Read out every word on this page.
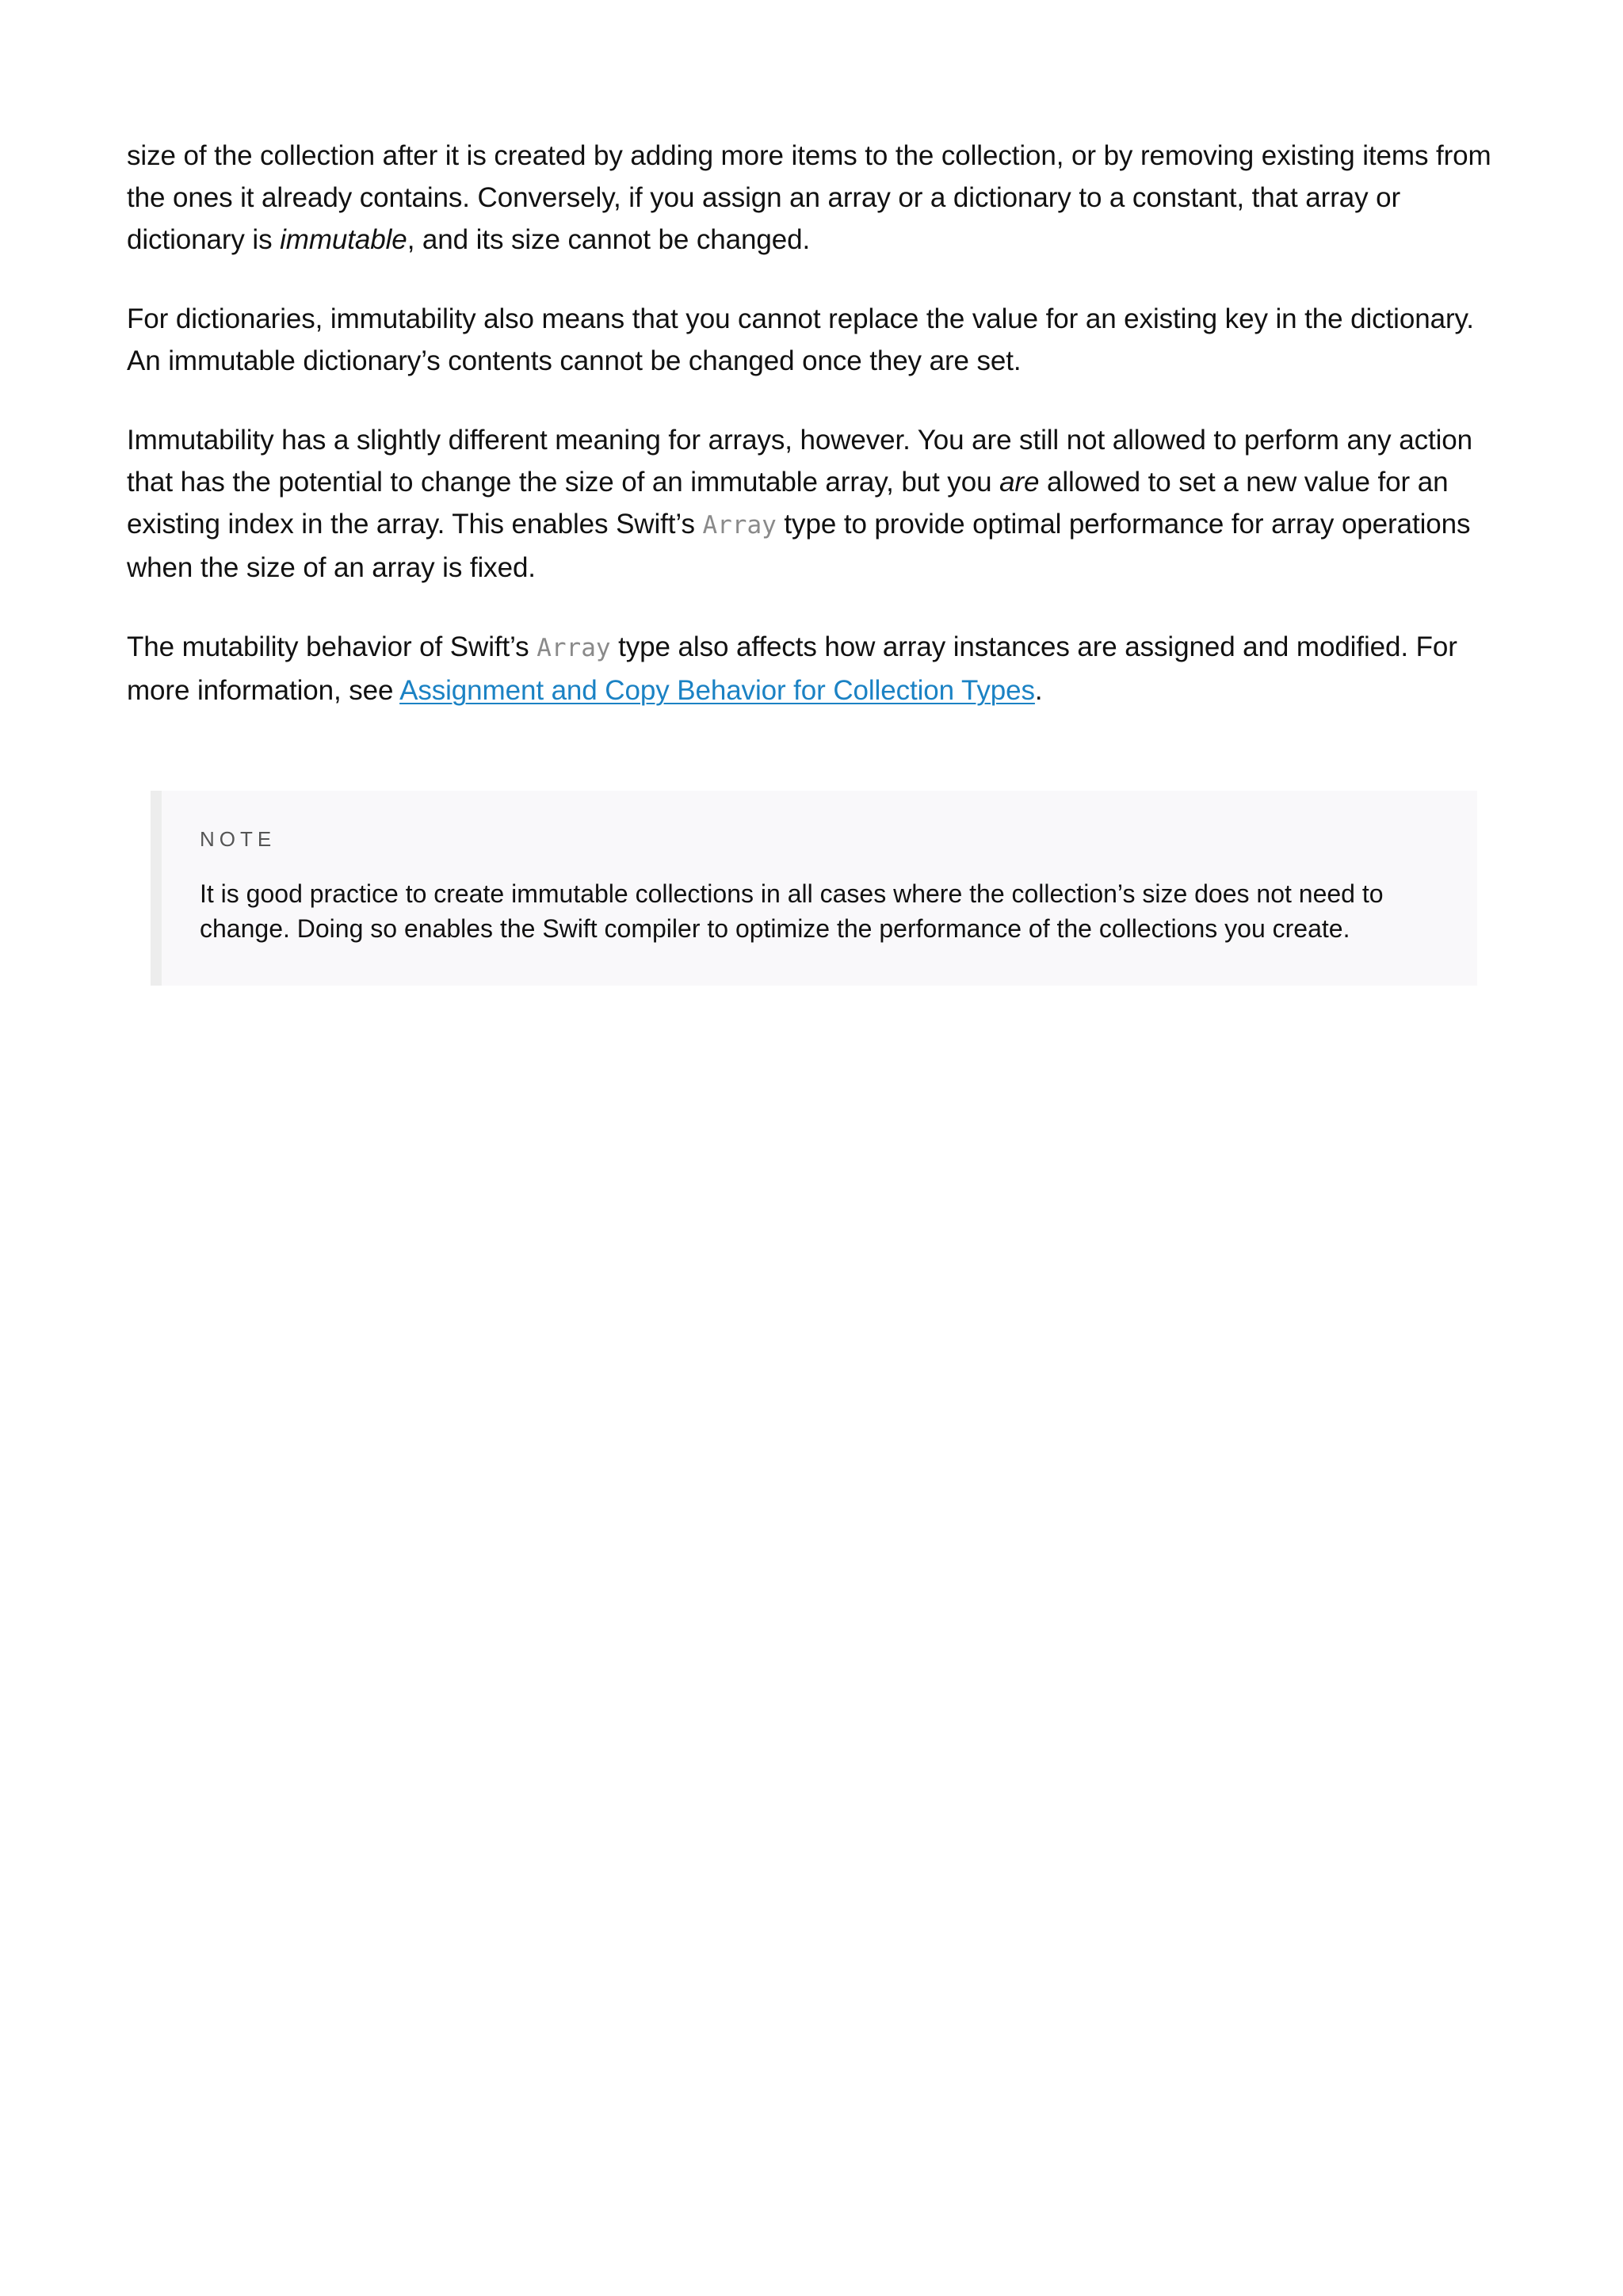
size of the collection after it is created by adding more items to the collection, or by removing existing items from the ones it already contains. Conversely, if you assign an array or a dictionary to a constant, that array or dictionary is immutable, and its size cannot be changed.

For dictionaries, immutability also means that you cannot replace the value for an existing key in the dictionary. An immutable dictionary’s contents cannot be changed once they are set.

Immutability has a slightly different meaning for arrays, however. You are still not allowed to perform any action that has the potential to change the size of an immutable array, but you are allowed to set a new value for an existing index in the array. This enables Swift’s Array type to provide optimal performance for array operations when the size of an array is fixed.

The mutability behavior of Swift’s Array type also affects how array instances are assigned and modified. For more information, see Assignment and Copy Behavior for Collection Types.

NOTE

It is good practice to create immutable collections in all cases where the collection’s size does not need to change. Doing so enables the Swift compiler to optimize the performance of the collections you create.
